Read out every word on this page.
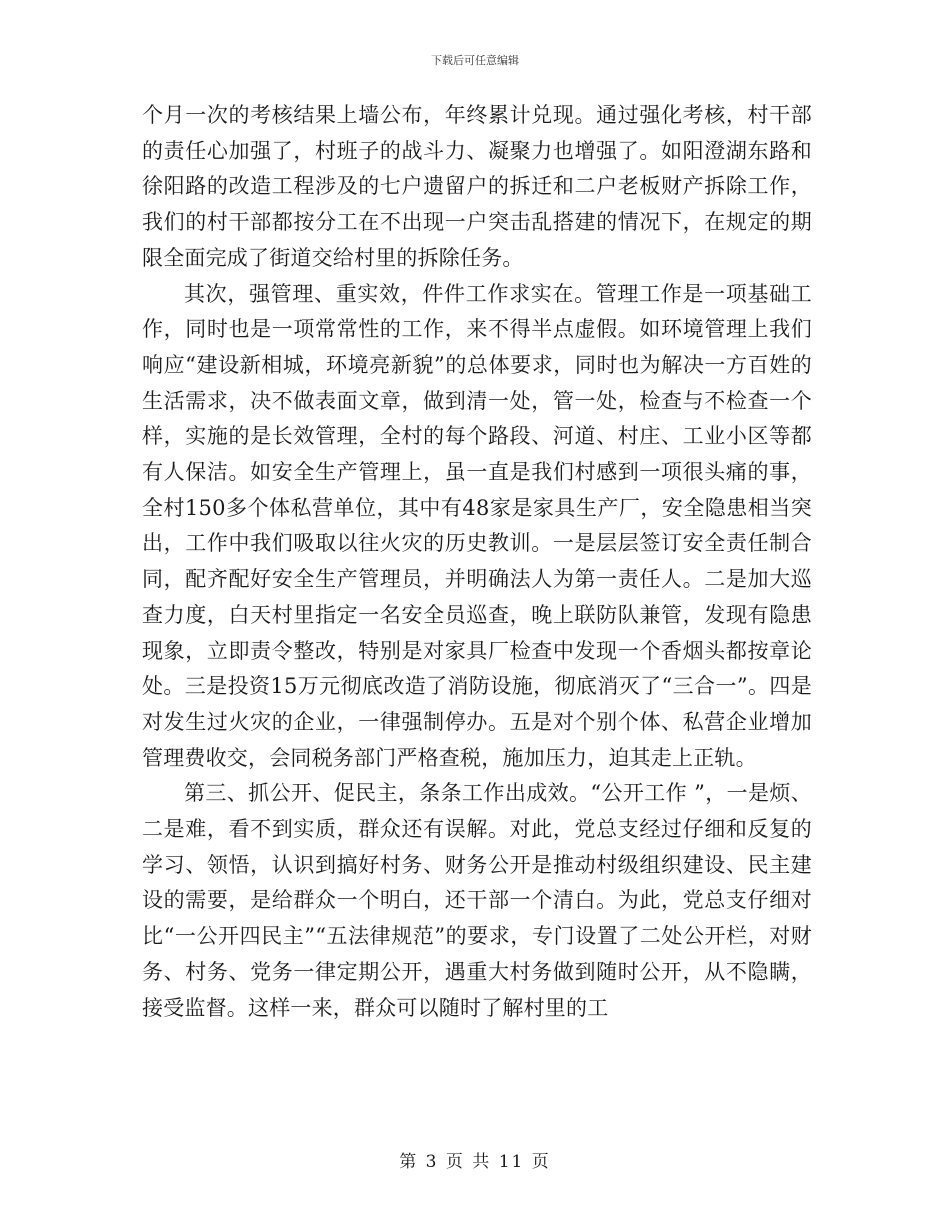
下载后可任意编辑

个月一次的考核结果上墙公布，年终累计兑现。通过强化考核，村干部的责任心加强了，村班子的战斗力、凝聚力也增强了。如阳澄湖东路和徐阳路的改造工程涉及的七户遗留户的拆迁和二户老板财产拆除工作，我们的村干部都按分工在不出现一户突击乱搭建的情况下，在规定的期限全面完成了街道交给村里的拆除任务。

其次，强管理、重实效，件件工作求实在。管理工作是一项基础工作，同时也是一项常常性的工作，来不得半点虚假。如环境管理上我们响应“建设新相城，环境亮新貌”的总体要求，同时也为解决一方百姓的生活需求，决不做表面文章，做到清一处，管一处，检查与不检查一个样，实施的是长效管理，全村的每个路段、河道、村庄、工业小区等都有人保洁。如安全生产管理上，虽一直是我们村感到一项很头痛的事，全村150多个体私营单位，其中有48家是家具生产厂，安全隐患相当突出，工作中我们吸取以往火灾的历史教训。一是层层签订安全责任制合同，配齐配好安全生产管理员，并明确法人为第一责任人。二是加大巡查力度，白天村里指定一名安全员巡查，晚上联防队兼管，发现有隐患现象，立即责令整改，特别是对家具厂检查中发现一个香烟头都按章论处。三是投资15万元彻底改造了消防设施，彻底消灭了“三合一”。四是对发生过火灾的企业，一律强制停办。五是对个别个体、私营企业增加管理费收交，会同税务部门严格查税，施加压力，迫其走上正轨。

第三、抓公开、促民主，条条工作出成效。“公开工作 ”，一是烦、二是难，看不到实质，群众还有误解。对此，党总支经过仔细和反复的学习、领悟，认识到搞好村务、财务公开是推动村级组织建设、民主建设的需要，是给群众一个明白，还干部一个清白。为此，党总支仔细对比“一公开四民主”“五法律规范”的要求，专门设置了二处公开栏，对财务、村务、党务一律定期公开，遇重大村务做到随时公开，从不隐瞒，接受监督。这样一来，群众可以随时了解村里的工

第 3 页 共 11 页
